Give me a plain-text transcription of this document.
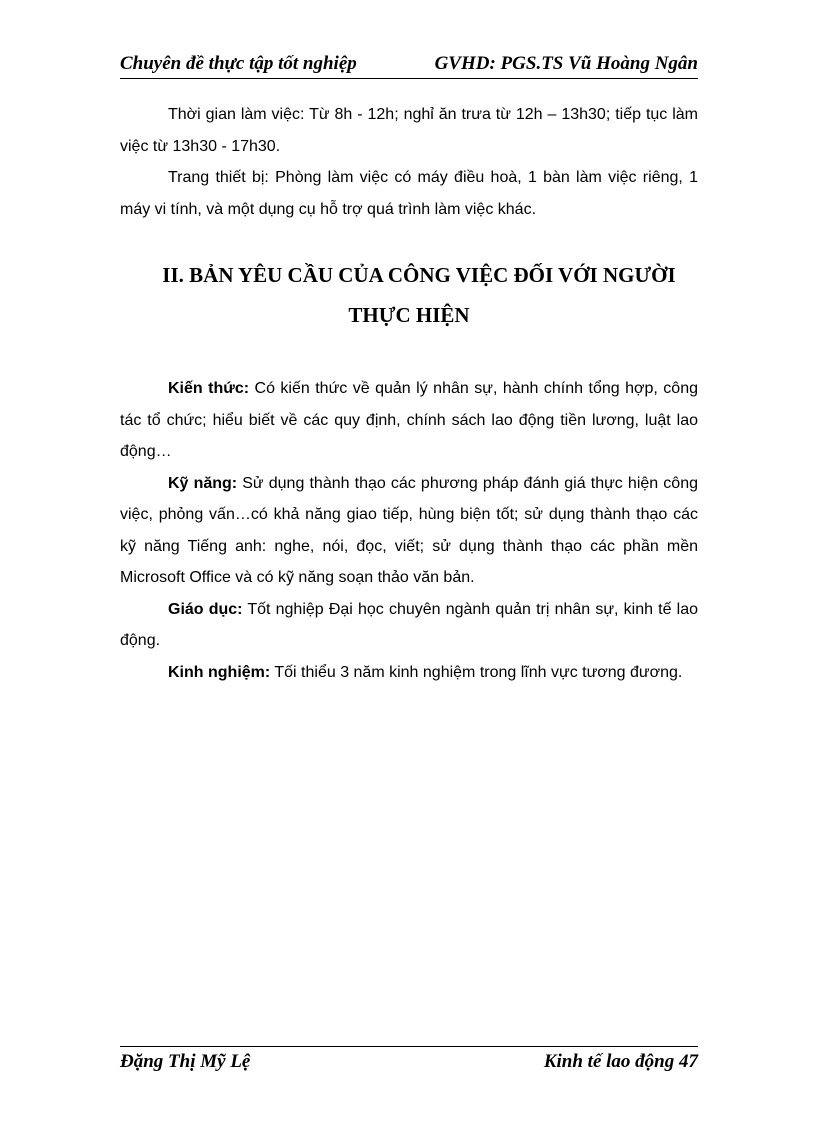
Chuyên đề thực tập tốt nghiệp	GVHD: PGS.TS Vũ Hoàng Ngân

Thời gian làm việc: Từ 8h - 12h; nghỉ ăn trưa từ 12h – 13h30; tiếp tục làm việc từ 13h30 - 17h30.

Trang thiết bị: Phòng làm việc có máy điều hoà, 1 bàn làm việc riêng, 1 máy vi tính, và một dụng cụ hỗ trợ quá trình làm việc khác.

II. BẢN YÊU CẦU CỦA CÔNG VIỆC ĐỐI VỚI NGƯỜI
THỰC HIỆN

Kiến thức: Có kiến thức về quản lý nhân sự, hành chính tổng hợp, công tác tổ chức; hiểu biết về các quy định, chính sách lao động tiền lương, luật lao động…

Kỹ năng: Sử dụng thành thạo các phương pháp đánh giá thực hiện công việc, phỏng vấn…có khả năng giao tiếp, hùng biện tốt; sử dụng thành thạo các kỹ năng Tiếng anh: nghe, nói, đọc, viết; sử dụng thành thạo các phần mền Microsoft Office và có kỹ năng soạn thảo văn bản.

Giáo dục: Tốt nghiệp Đại học chuyên ngành quản trị nhân sự, kinh tế lao động.

Kinh nghiệm: Tối thiểu 3 năm kinh nghiệm trong lĩnh vực tương đương.

Đặng Thị Mỹ Lệ	Kinh tế lao động 47
